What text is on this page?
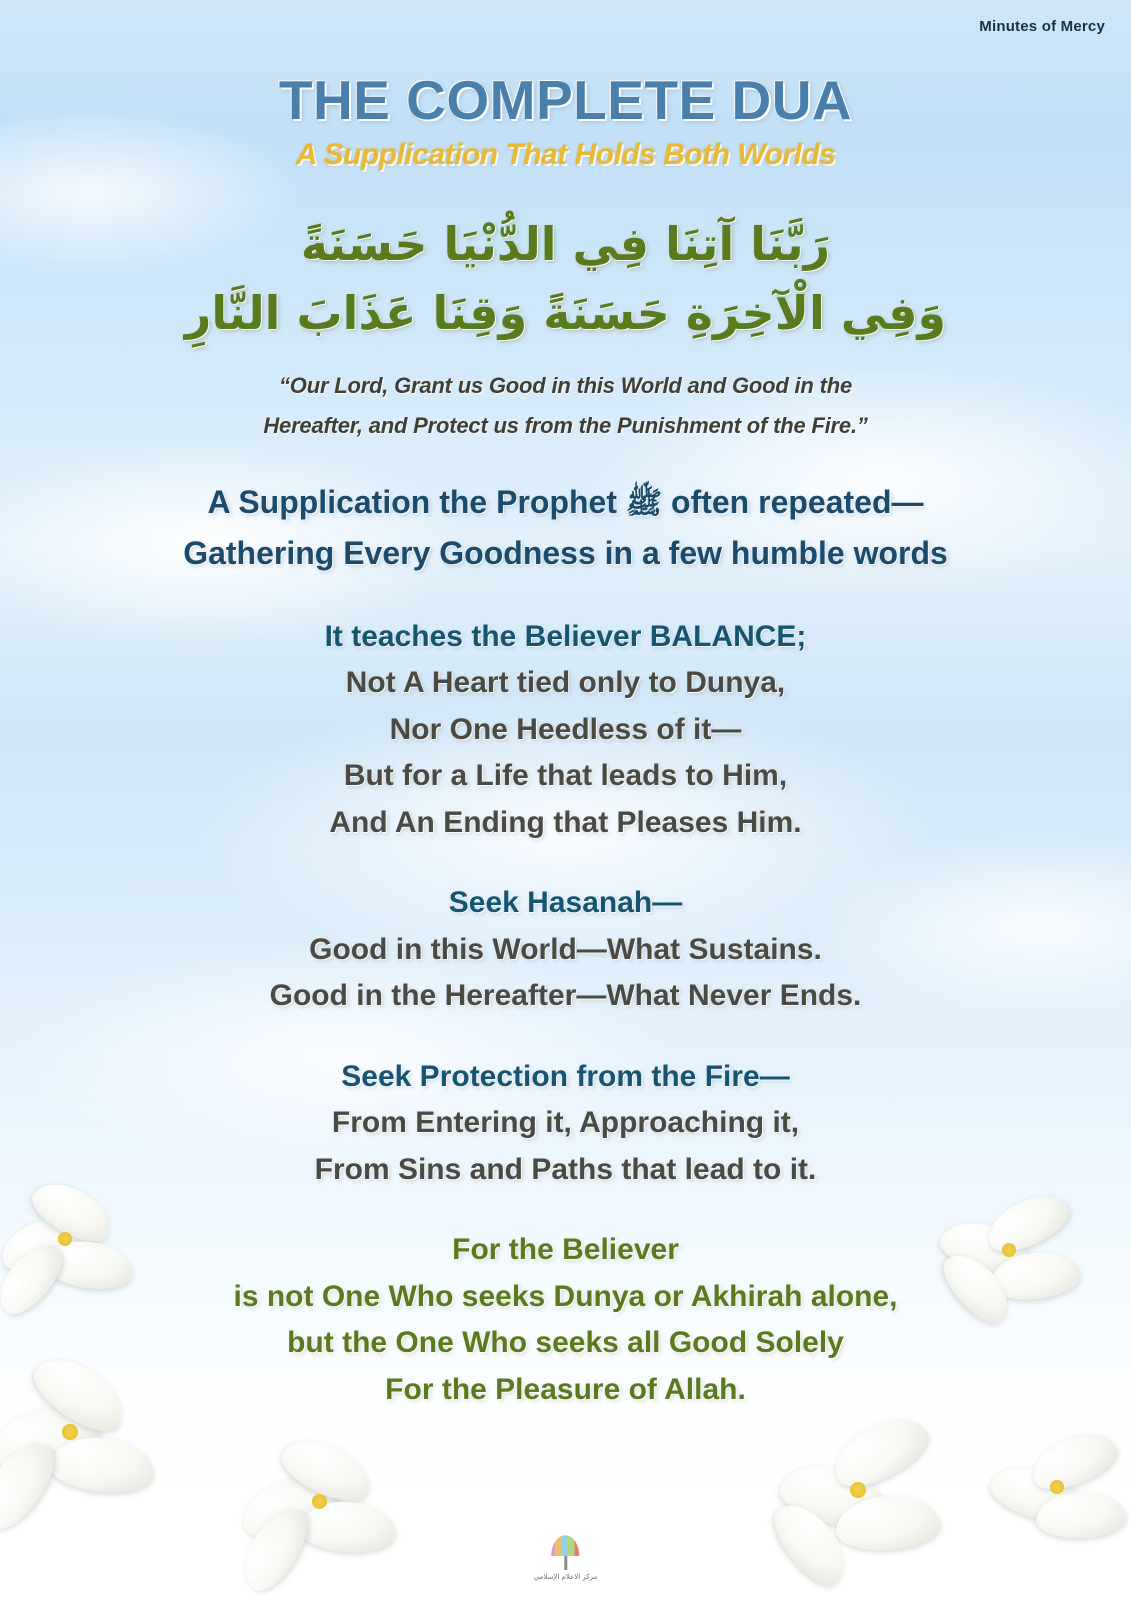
Minutes of Mercy
THE COMPLETE DUA
A Supplication That Holds Both Worlds
رَبَّنَا آتِنَا فِي الدُّنْيَا حَسَنَةً
وَفِي الْآخِرَةِ حَسَنَةً وَقِنَا عَذَابَ النَّارِ
“Our Lord, Grant us Good in this World and Good in the
Hereafter, and Protect us from the Punishment of the Fire.”
A Supplication the Prophet ﷺ often repeated—
Gathering Every Goodness in a few humble words
It teaches the Believer BALANCE;
Not A Heart tied only to Dunya,
Nor One Heedless of it—
But for a Life that leads to Him,
And An Ending that Pleases Him.
Seek Hasanah—
Good in this World—What Sustains.
Good in the Hereafter—What Never Ends.
Seek Protection from the Fire—
From Entering it, Approaching it,
From Sins and Paths that lead to it.
For the Believer
is not One Who seeks Dunya or Akhirah alone,
but the One Who seeks all Good Solely
For the Pleasure of Allah.
مركز الاعلام الإسلامي
